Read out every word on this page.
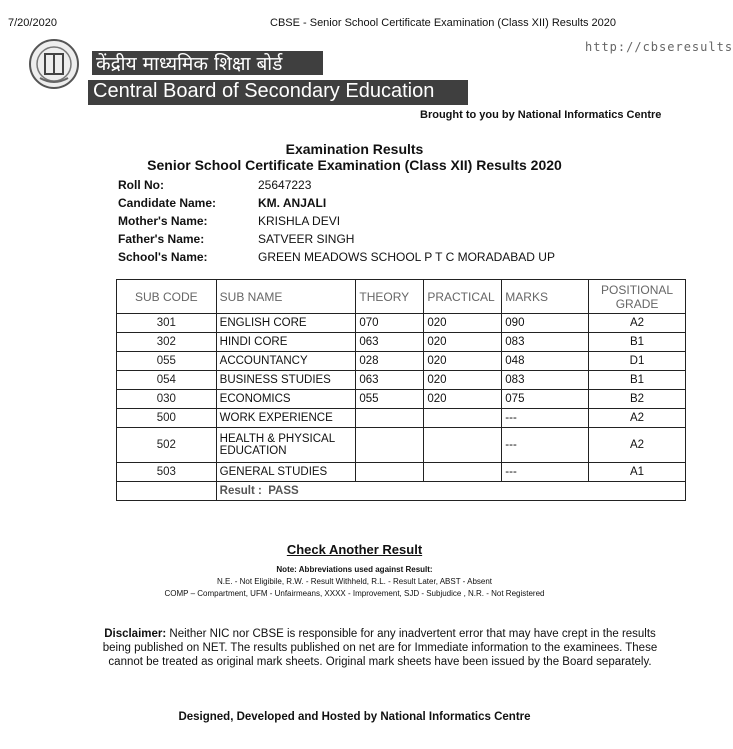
7/20/2020	CBSE - Senior School Certificate Examination (Class XII) Results 2020
http://cbseresults
केंद्रीय माध्यमिक शिक्षा बोर्ड
Central Board of Secondary Education
Brought to you by National Informatics Centre
Examination Results
Senior School Certificate Examination (Class XII) Results 2020
Roll No:	25647223
Candidate Name:	KM. ANJALI
Mother's Name:	KRISHLA DEVI
Father's Name:	SATVEER SINGH
School's Name:	GREEN MEADOWS SCHOOL P T C MORADABAD UP
SUB CODE	SUB NAME	THEORY	PRACTICAL	MARKS	POSITIONAL GRADE
301	ENGLISH CORE	070	020	090	A2
302	HINDI CORE	063	020	083	B1
055	ACCOUNTANCY	028	020	048	D1
054	BUSINESS STUDIES	063	020	083	B1
030	ECONOMICS	055	020	075	B2
500	WORK EXPERIENCE			---	A2
502	HEALTH & PHYSICAL EDUCATION			---	A2
503	GENERAL STUDIES			---	A1
	Result : PASS				
Check Another Result
Note: Abbreviations used against Result:
N.E. - Not Eligibile, R.W. - Result Withheld, R.L. - Result Later, ABST - Absent
COMP – Compartment, UFM - Unfairmeans, XXXX - Improvement, SJD - Subjudice , N.R. - Not Registered
Disclaimer: Neither NIC nor CBSE is responsible for any inadvertent error that may have crept in the results being published on NET. The results published on net are for Immediate information to the examinees. These cannot be treated as original mark sheets. Original mark sheets have been issued by the Board separately.
Designed, Developed and Hosted by National Informatics Centre
